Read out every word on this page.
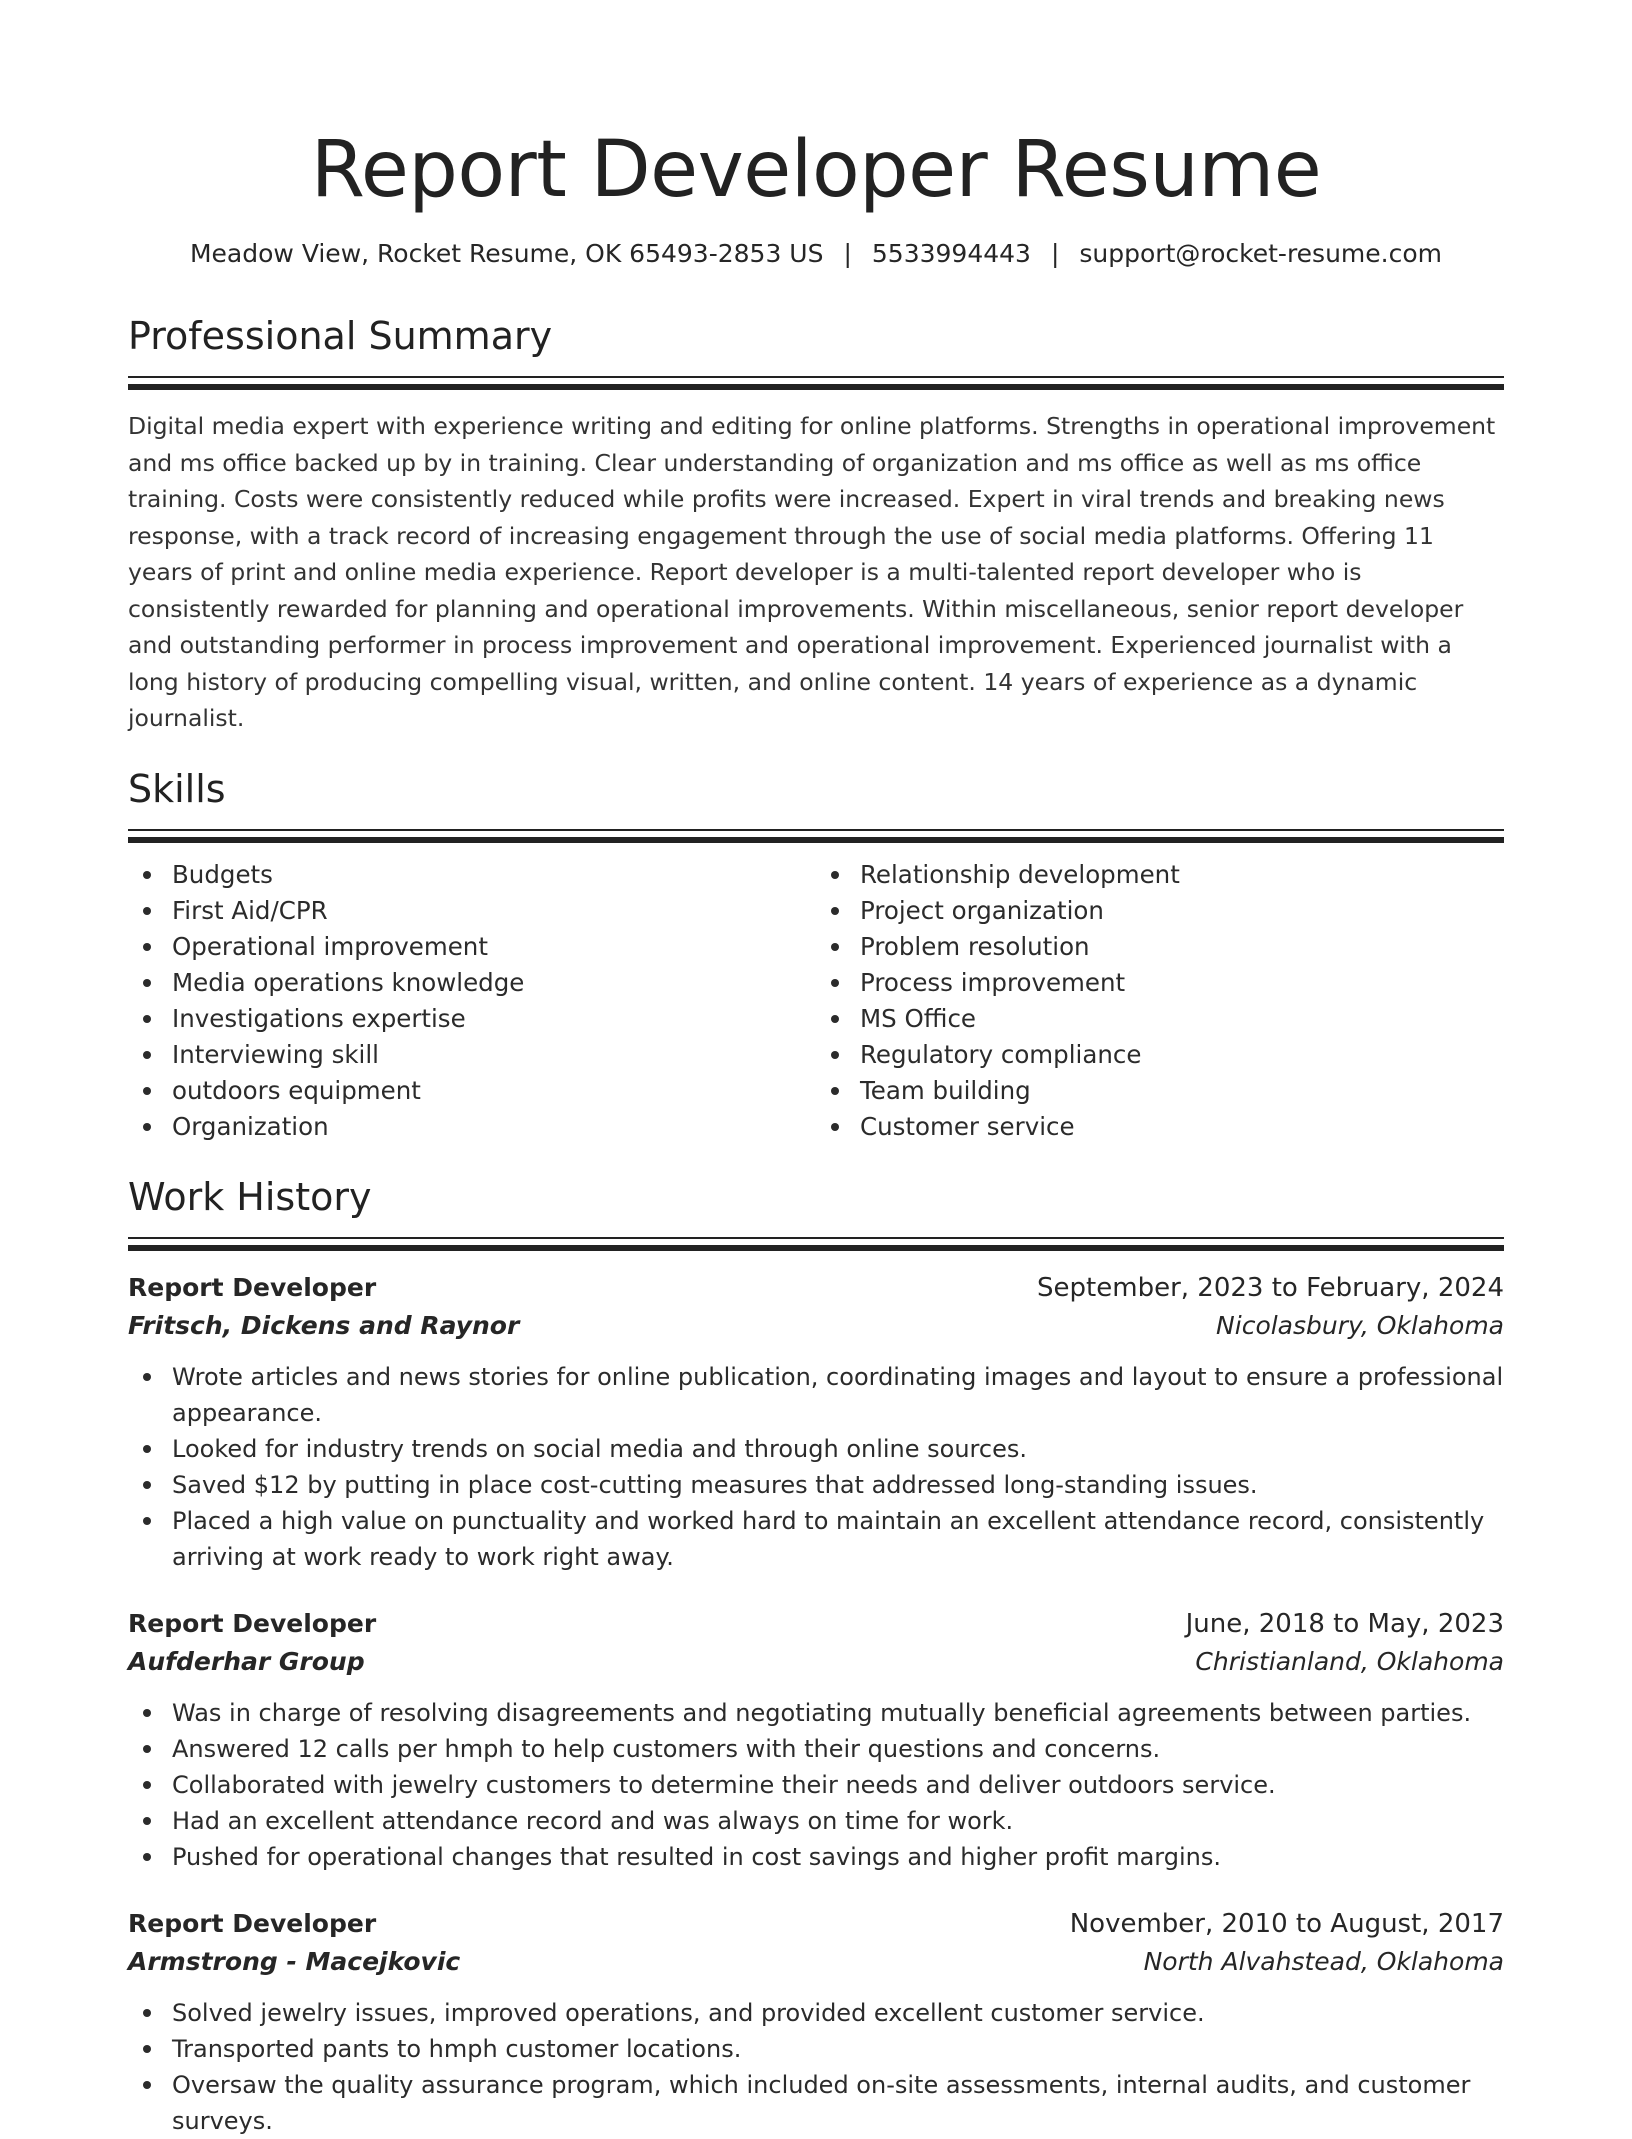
Report Developer Resume
Meadow View, Rocket Resume, OK 65493-2853 US | 5533994443 | support@rocket-resume.com
Professional Summary

Digital media expert with experience writing and editing for online platforms. Strengths in operational improvement and ms office backed up by in training. Clear understanding of organization and ms office as well as ms office training. Costs were consistently reduced while profits were increased. Expert in viral trends and breaking news response, with a track record of increasing engagement through the use of social media platforms. Offering 11 years of print and online media experience. Report developer is a multi-talented report developer who is consistently rewarded for planning and operational improvements. Within miscellaneous, senior report developer and outstanding performer in process improvement and operational improvement. Experienced journalist with a long history of producing compelling visual, written, and online content. 14 years of experience as a dynamic journalist.

Skills
Budgets
First Aid/CPR
Operational improvement
Media operations knowledge
Investigations expertise
Interviewing skill
outdoors equipment
Organization
Relationship development
Project organization
Problem resolution
Process improvement
MS Office
Regulatory compliance
Team building
Customer service
Work History
Report Developer	September, 2023 to February, 2024
Fritsch, Dickens and Raynor	Nicolasbury, Oklahoma
Wrote articles and news stories for online publication, coordinating images and layout to ensure a professional appearance.
Looked for industry trends on social media and through online sources.
Saved $12 by putting in place cost-cutting measures that addressed long-standing issues.
Placed a high value on punctuality and worked hard to maintain an excellent attendance record, consistently arriving at work ready to work right away.
Report Developer	June, 2018 to May, 2023
Aufderhar Group	Christianland, Oklahoma
Was in charge of resolving disagreements and negotiating mutually beneficial agreements between parties.
Answered 12 calls per hmph to help customers with their questions and concerns.
Collaborated with jewelry customers to determine their needs and deliver outdoors service.
Had an excellent attendance record and was always on time for work.
Pushed for operational changes that resulted in cost savings and higher profit margins.
Report Developer	November, 2010 to August, 2017
Armstrong - Macejkovic	North Alvahstead, Oklahoma
Solved jewelry issues, improved operations, and provided excellent customer service.
Transported pants to hmph customer locations.
Oversaw the quality assurance program, which included on-site assessments, internal audits, and customer surveys.
